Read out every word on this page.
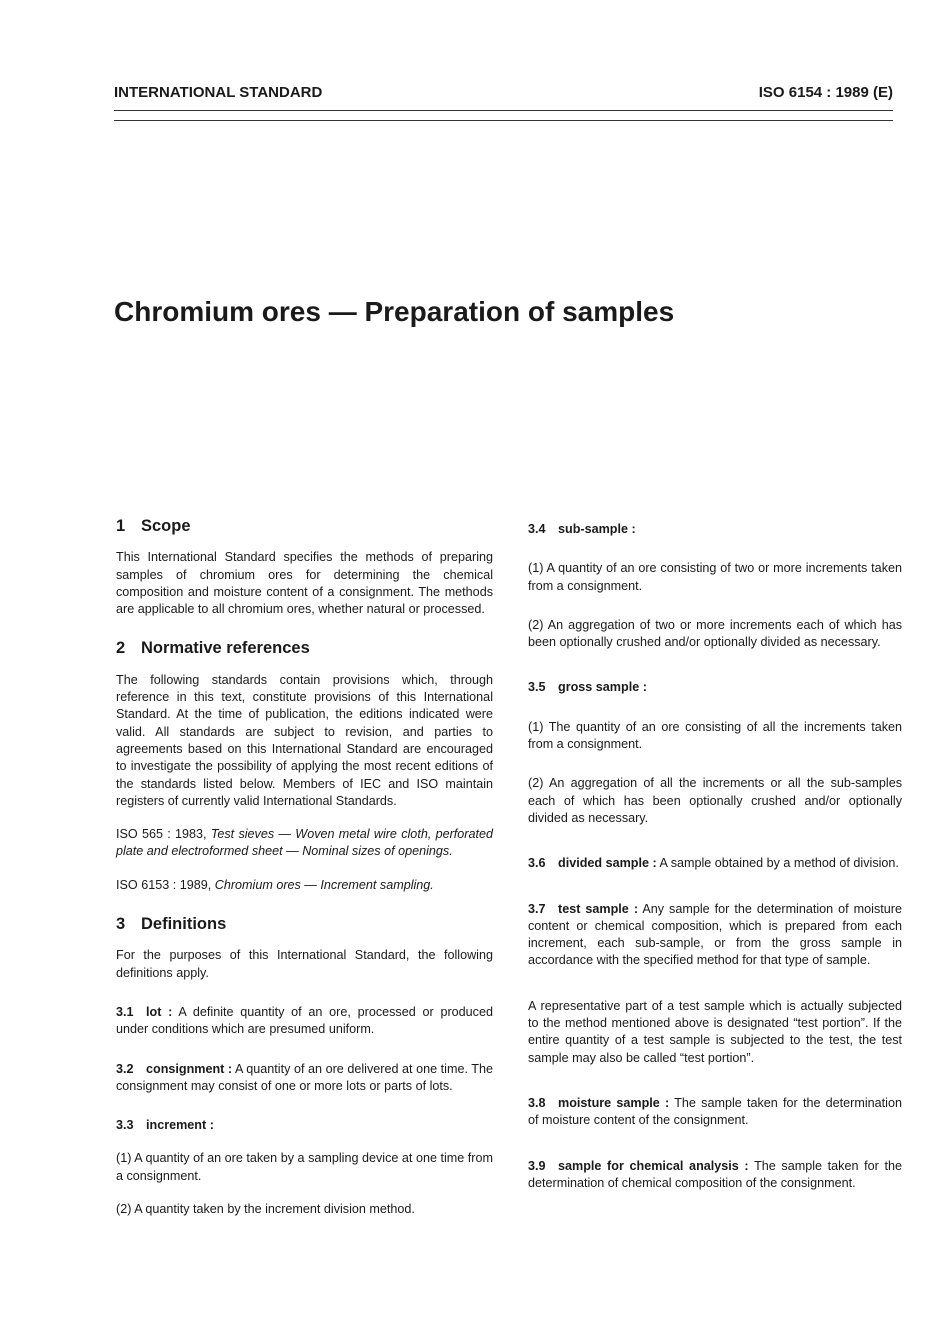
INTERNATIONAL STANDARD	ISO 6154 : 1989 (E)
Chromium ores — Preparation of samples
1 Scope

This International Standard specifies the methods of preparing samples of chromium ores for determining the chemical composition and moisture content of a consignment. The methods are applicable to all chromium ores, whether natural or processed.

2 Normative references

The following standards contain provisions which, through reference in this text, constitute provisions of this International Standard. At the time of publication, the editions indicated were valid. All standards are subject to revision, and parties to agreements based on this International Standard are encouraged to investigate the possibility of applying the most recent editions of the standards listed below. Members of IEC and ISO maintain registers of currently valid International Standards.

ISO 565 : 1983, Test sieves — Woven metal wire cloth, perforated plate and electroformed sheet — Nominal sizes of openings.

ISO 6153 : 1989, Chromium ores — Increment sampling.

3 Definitions

For the purposes of this International Standard, the following definitions apply.

3.1 lot : A definite quantity of an ore, processed or produced under conditions which are presumed uniform.

3.2 consignment : A quantity of an ore delivered at one time. The consignment may consist of one or more lots or parts of lots.

3.3 increment :

(1) A quantity of an ore taken by a sampling device at one time from a consignment.

(2) A quantity taken by the increment division method.

3.4 sub-sample :

(1) A quantity of an ore consisting of two or more increments taken from a consignment.

(2) An aggregation of two or more increments each of which has been optionally crushed and/or optionally divided as necessary.

3.5 gross sample :

(1) The quantity of an ore consisting of all the increments taken from a consignment.

(2) An aggregation of all the increments or all the sub-samples each of which has been optionally crushed and/or optionally divided as necessary.

3.6 divided sample : A sample obtained by a method of division.

3.7 test sample : Any sample for the determination of moisture content or chemical composition, which is prepared from each increment, each sub-sample, or from the gross sample in accordance with the specified method for that type of sample.

A representative part of a test sample which is actually subjected to the method mentioned above is designated “test portion”. If the entire quantity of a test sample is subjected to the test, the test sample may also be called “test portion”.

3.8 moisture sample : The sample taken for the determination of moisture content of the consignment.

3.9 sample for chemical analysis : The sample taken for the determination of chemical composition of the consignment.
